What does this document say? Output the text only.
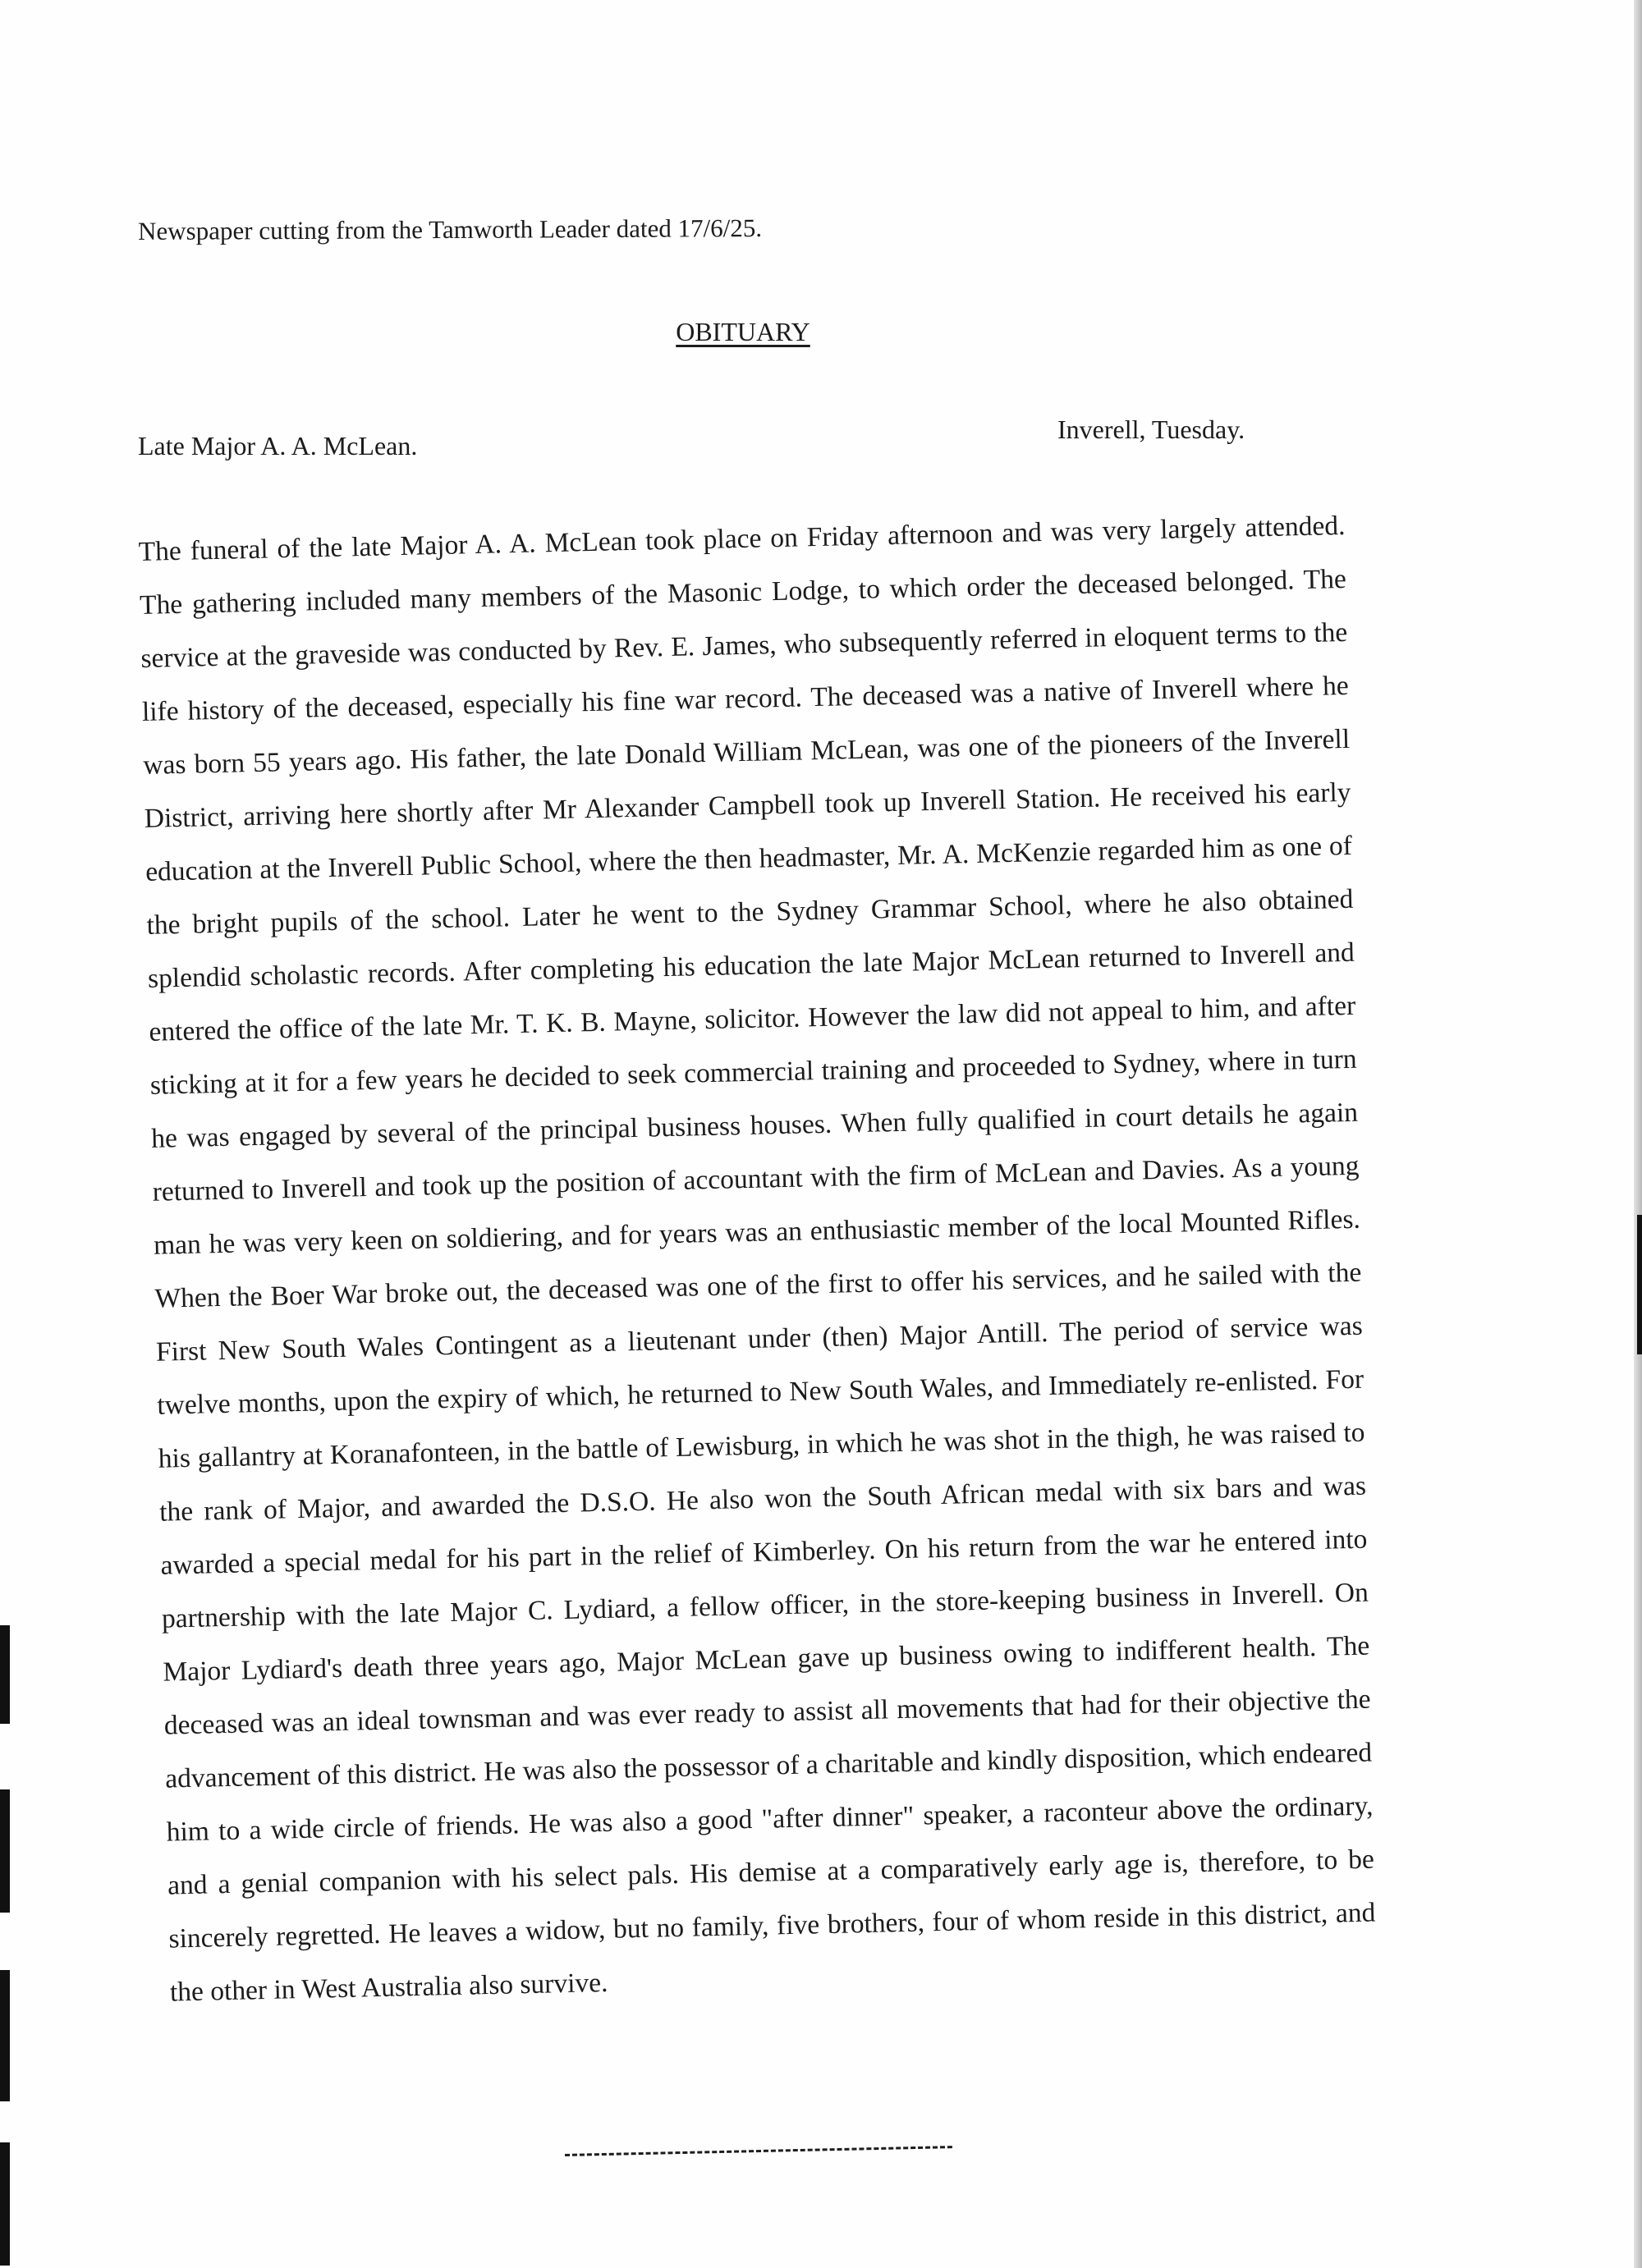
Newspaper cutting from the Tamworth Leader dated 17/6/25.
OBITUARY
Late Major A. A. McLean.
Inverell, Tuesday.
The funeral of the late Major A. A. McLean took place on Friday afternoon and was very largely attended. The gathering included many members of the Masonic Lodge, to which order the deceased belonged. The service at the graveside was conducted by Rev. E. James, who subsequently referred in eloquent terms to the life history of the deceased, especially his fine war record. The deceased was a native of Inverell where he was born 55 years ago. His father, the late Donald William McLean, was one of the pioneers of the Inverell District, arriving here shortly after Mr Alexander Campbell took up Inverell Station. He received his early education at the Inverell Public School, where the then headmaster, Mr. A. McKenzie regarded him as one of the bright pupils of the school. Later he went to the Sydney Grammar School, where he also obtained splendid scholastic records. After completing his education the late Major McLean returned to Inverell and entered the office of the late Mr. T. K. B. Mayne, solicitor. However the law did not appeal to him, and after sticking at it for a few years he decided to seek commercial training and proceeded to Sydney, where in turn he was engaged by several of the principal business houses. When fully qualified in court details he again returned to Inverell and took up the position of accountant with the firm of McLean and Davies. As a young man he was very keen on soldiering, and for years was an enthusiastic member of the local Mounted Rifles. When the Boer War broke out, the deceased was one of the first to offer his services, and he sailed with the First New South Wales Contingent as a lieutenant under (then) Major Antill. The period of service was twelve months, upon the expiry of which, he returned to New South Wales, and Immediately re-enlisted. For his gallantry at Koranafonteen, in the battle of Lewisburg, in which he was shot in the thigh, he was raised to the rank of Major, and awarded the D.S.O. He also won the South African medal with six bars and was awarded a special medal for his part in the relief of Kimberley. On his return from the war he entered into partnership with the late Major C. Lydiard, a fellow officer, in the store-keeping business in Inverell. On Major Lydiard's death three years ago, Major McLean gave up business owing to indifferent health. The deceased was an ideal townsman and was ever ready to assist all movements that had for their objective the advancement of this district. He was also the possessor of a charitable and kindly disposition, which endeared him to a wide circle of friends. He was also a good "after dinner" speaker, a raconteur above the ordinary, and a genial companion with his select pals. His demise at a comparatively early age is, therefore, to be sincerely regretted. He leaves a widow, but no family, five brothers, four of whom reside in this district, and the other in West Australia also survive.
